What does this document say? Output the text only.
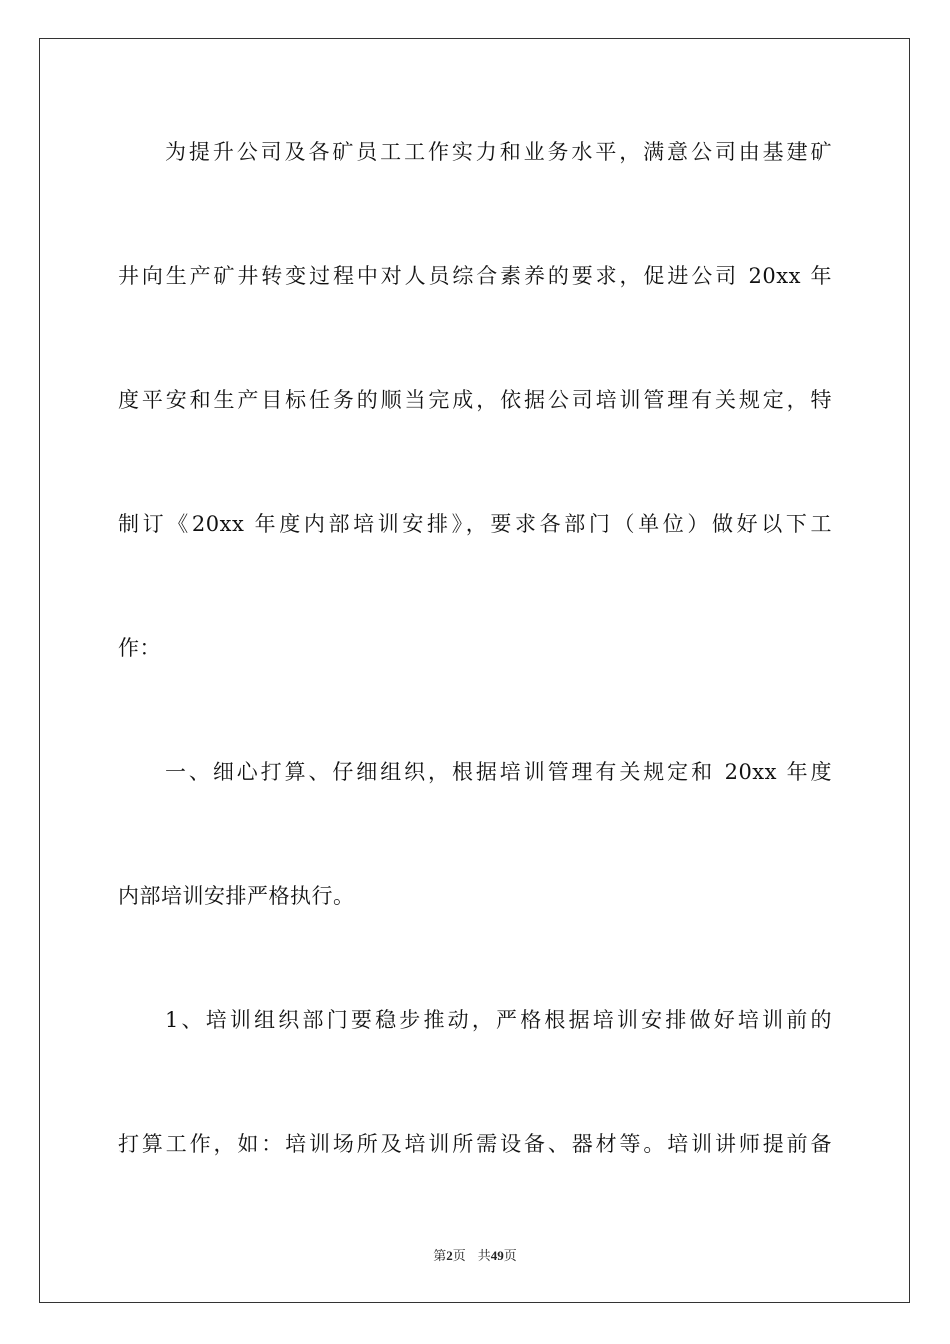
为提升公司及各矿员工工作实力和业务水平，满意公司由基建矿
井向生产矿井转变过程中对人员综合素养的要求，促进公司 20xx 年
度平安和生产目标任务的顺当完成，依据公司培训管理有关规定，特
制订《20xx 年度内部培训安排》，要求各部门（单位）做好以下工
作：
一、细心打算、仔细组织，根据培训管理有关规定和 20xx 年度
内部培训安排严格执行。
1、培训组织部门要稳步推动，严格根据培训安排做好培训前的
打算工作，如：培训场所及培训所需设备、器材等。培训讲师提前备
第2页 共49页
